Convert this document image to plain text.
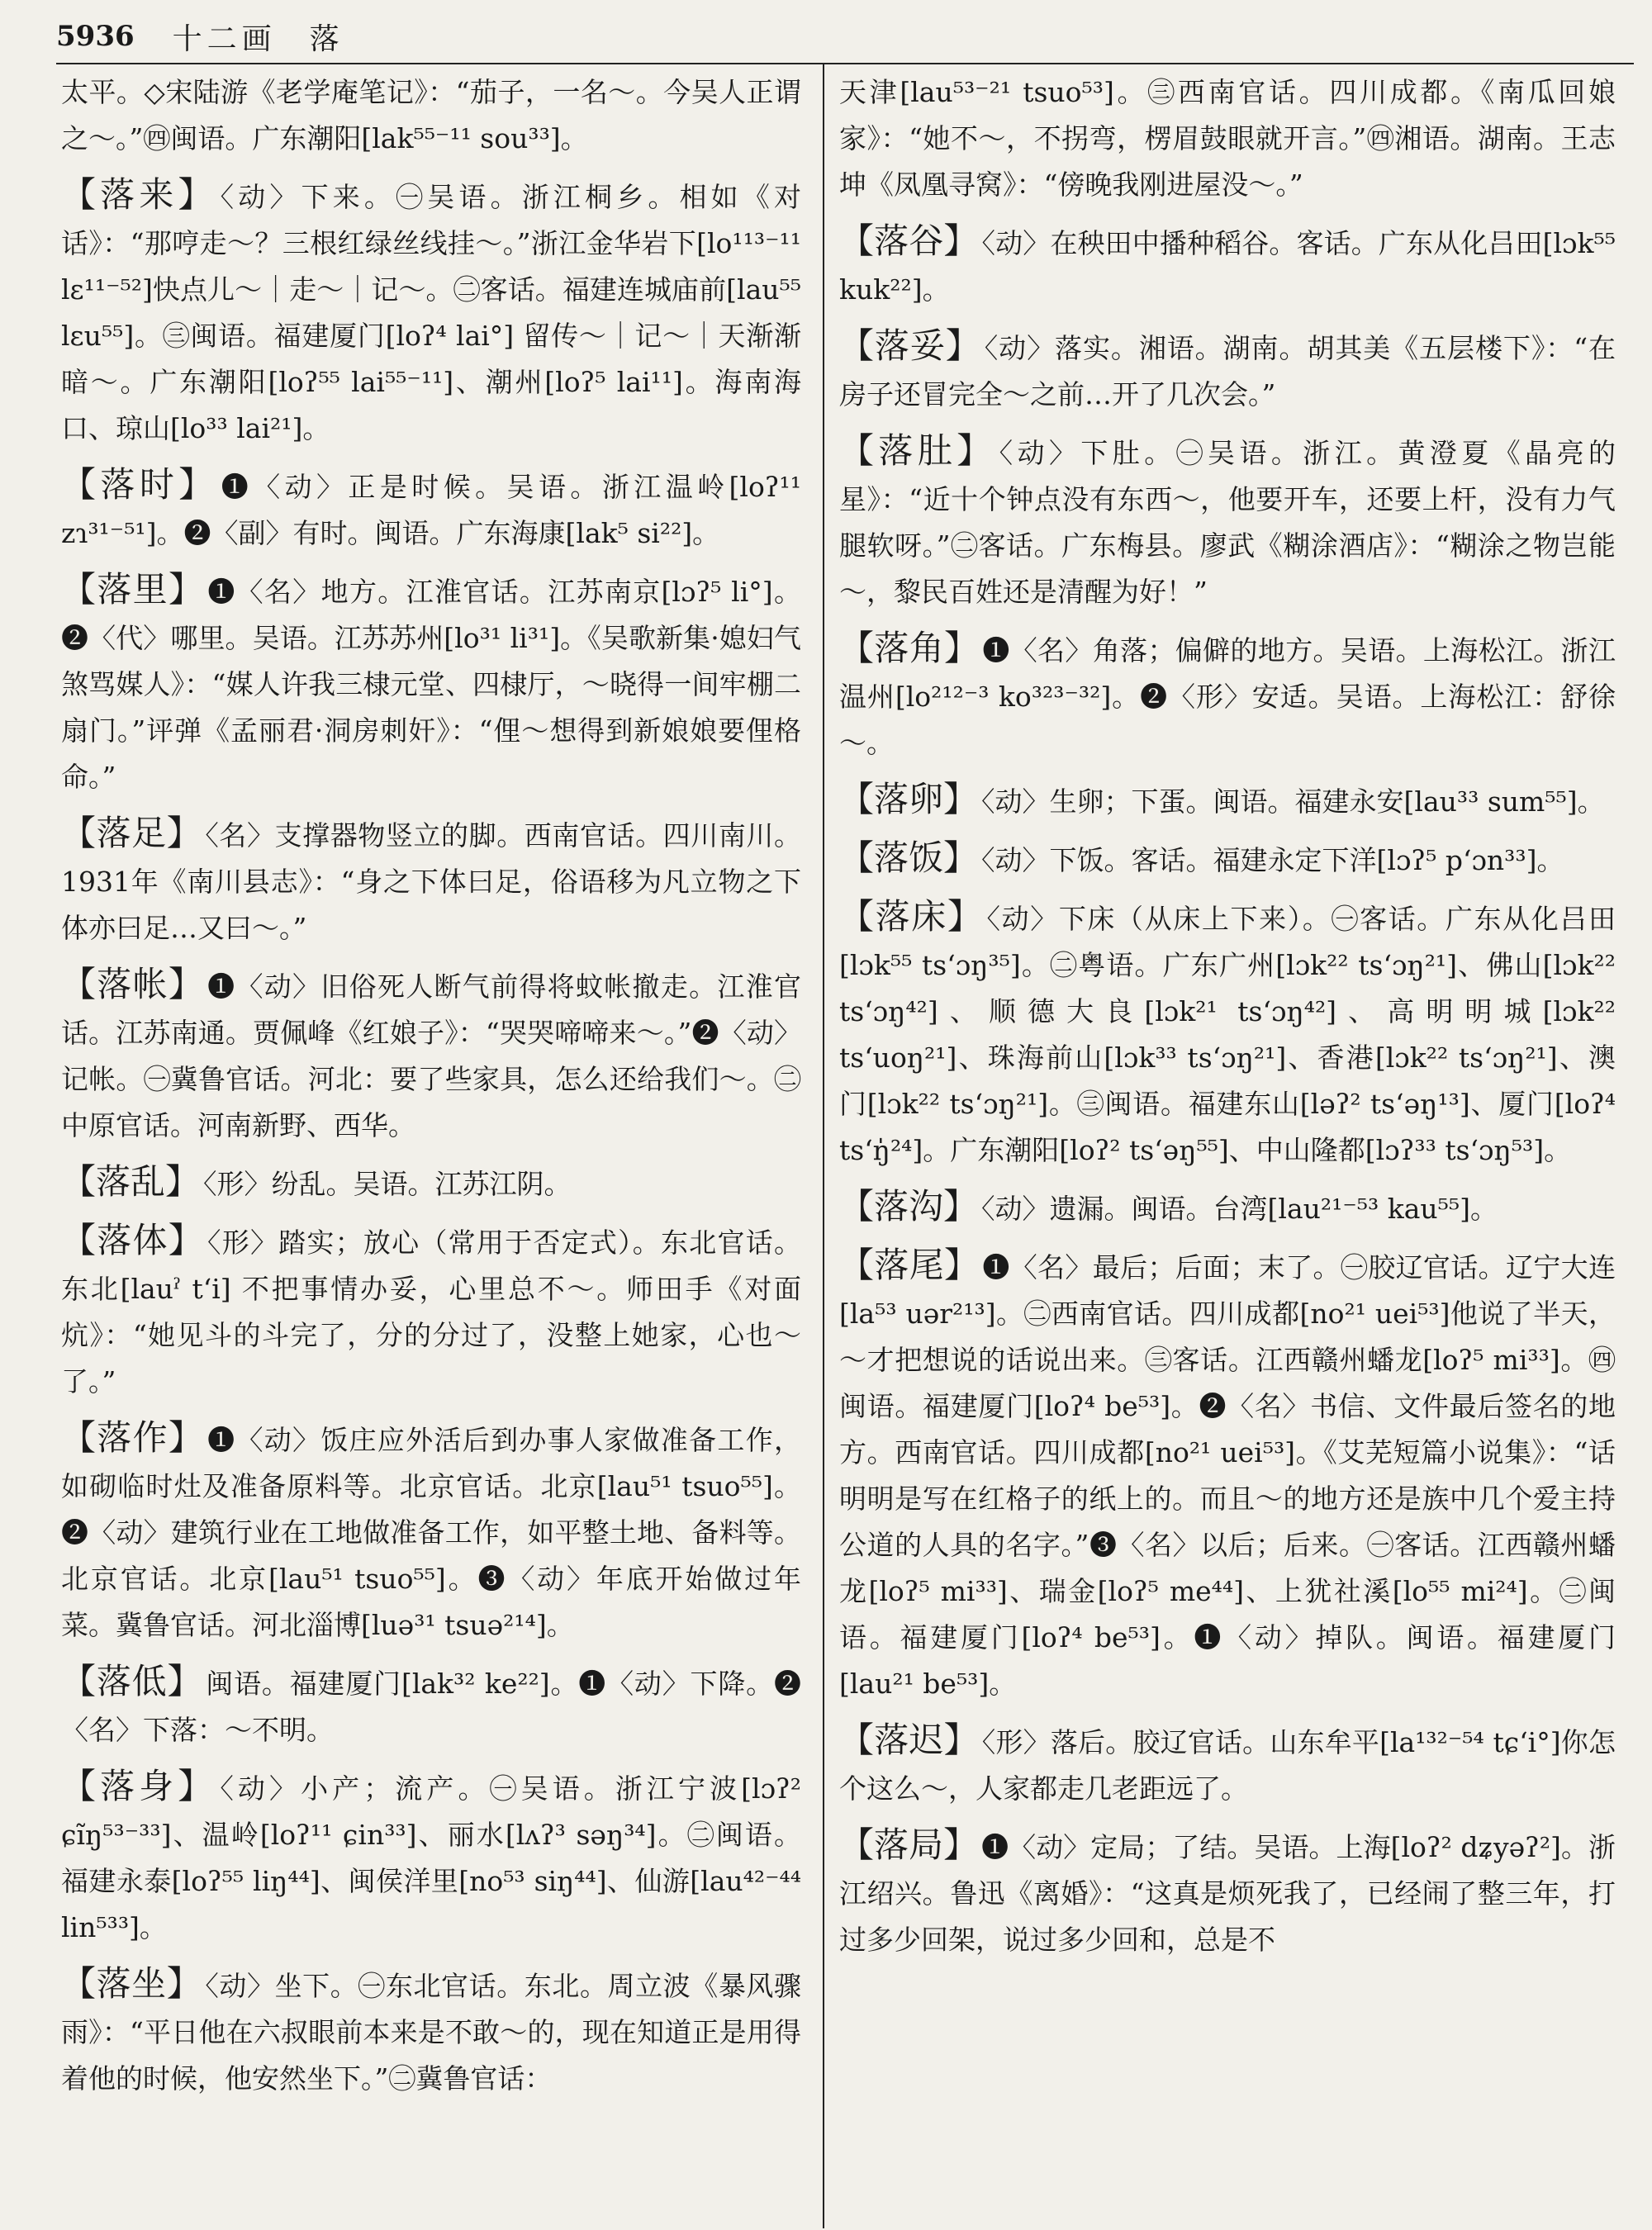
5936 十二画 落
太平。◇宋陆游《老学庵笔记》：“茄子，一名～。今吴人正谓之～。”㊃闽语。广东潮阳[lak⁵⁵⁻¹¹ sou³³]。
【落来】 〈动〉下来。㊀吴语。浙江桐乡。相如《对话》：“那哼走～？三根红绿丝线挂～。”浙江金华岩下[lo¹¹³⁻¹¹ lɛ¹¹⁻⁵²]快点儿～｜走～｜记～。㊁客话。福建连城庙前[lau⁵⁵ lɛu⁵⁵]。㊂闽语。福建厦门[loʔ⁴ lai°] 留传～｜记～｜天渐渐暗～。广东潮阳[loʔ⁵⁵ lai⁵⁵⁻¹¹]、潮州[loʔ⁵ lai¹¹]。海南海口、琼山[lo³³ lai²¹]。
【落时】 ❶〈动〉正是时候。吴语。浙江温岭[loʔ¹¹ zɿ³¹⁻⁵¹]。❷〈副〉有时。闽语。广东海康[lak⁵ si²²]。
【落里】 ❶〈名〉地方。江淮官话。江苏南京[lɔʔ⁵ li°]。❷〈代〉哪里。吴语。江苏苏州[lo³¹ li³¹]。《吴歌新集·媳妇气煞骂媒人》：“媒人许我三棣元堂、四棣厅，～晓得一间牢棚二扇门。”评弹《孟丽君·洞房刺奸》：“俚～想得到新娘娘要俚格命。”
【落足】 〈名〉支撑器物竖立的脚。西南官话。四川南川。1931年《南川县志》：“身之下体曰足，俗语移为凡立物之下体亦曰足…又曰～。”
【落帐】 ❶〈动〉旧俗死人断气前得将蚊帐撤走。江淮官话。江苏南通。贾佩峰《红娘子》：“哭哭啼啼来～。”❷〈动〉记帐。㊀冀鲁官话。河北：要了些家具，怎么还给我们～。㊁中原官话。河南新野、西华。
【落乱】 〈形〉纷乱。吴语。江苏江阴。
【落体】 〈形〉踏实；放心（常用于否定式）。东北官话。东北[lauˀ tʻi] 不把事情办妥，心里总不～。师田手《对面炕》：“她见斗的斗完了，分的分过了，没整上她家，心也～了。”
【落作】 ❶〈动〉饭庄应外活后到办事人家做准备工作，如砌临时灶及准备原料等。北京官话。北京[lau⁵¹ tsuo⁵⁵]。❷〈动〉建筑行业在工地做准备工作，如平整土地、备料等。北京官话。北京[lau⁵¹ tsuo⁵⁵]。❸〈动〉年底开始做过年菜。冀鲁官话。河北淄博[luə³¹ tsuə²¹⁴]。
【落低】 闽语。福建厦门[lak³² ke²²]。❶〈动〉下降。❷〈名〉下落：～不明。
【落身】 〈动〉小产；流产。㊀吴语。浙江宁波[lɔʔ² ɕĩŋ⁵³⁻³³]、温岭[loʔ¹¹ ɕin³³]、丽水[lʌʔ³ səŋ³⁴]。㊁闽语。福建永泰[loʔ⁵⁵ liŋ⁴⁴]、闽侯洋里[no⁵³ siŋ⁴⁴]、仙游[lau⁴²⁻⁴⁴ lin⁵³³]。
【落坐】 〈动〉坐下。㊀东北官话。东北。周立波《暴风骤雨》：“平日他在六叔眼前本来是不敢～的，现在知道正是用得着他的时候，他安然坐下。”㊁冀鲁官话：
天津[lau⁵³⁻²¹ tsuo⁵³]。㊂西南官话。四川成都。《南瓜回娘家》：“她不～，不拐弯，楞眉鼓眼就开言。”㊃湘语。湖南。王志坤《凤凰寻窝》：“傍晚我刚进屋没～。”
【落谷】 〈动〉在秧田中播种稻谷。客话。广东从化吕田[lɔk⁵⁵ kuk²²]。
【落妥】 〈动〉落实。湘语。湖南。胡其美《五层楼下》：“在房子还冒完全～之前…开了几次会。”
【落肚】 〈动〉下肚。㊀吴语。浙江。黄澄夏《晶亮的星》：“近十个钟点没有东西～，他要开车，还要上杆，没有力气腿软呀。”㊁客话。广东梅县。廖武《糊涂酒店》：“糊涂之物岂能～，黎民百姓还是清醒为好！”
【落角】 ❶〈名〉角落；偏僻的地方。吴语。上海松江。浙江温州[lo²¹²⁻³ ko³²³⁻³²]。❷〈形〉安适。吴语。上海松江：舒徐～。
【落卵】 〈动〉生卵；下蛋。闽语。福建永安[lau³³ sum⁵⁵]。
【落饭】 〈动〉下饭。客话。福建永定下洋[lɔʔ⁵ pʻɔn³³]。
【落床】 〈动〉下床（从床上下来）。㊀客话。广东从化吕田[lɔk⁵⁵ tsʻɔŋ³⁵]。㊁粤语。广东广州[lɔk²² tsʻɔŋ²¹]、佛山[lɔk²² tsʻɔŋ⁴²]、顺德大良[lɔk²¹ tsʻɔŋ⁴²]、高明明城[lɔk²² tsʻuoŋ²¹]、珠海前山[lɔk³³ tsʻɔŋ²¹]、香港[lɔk²² tsʻɔŋ²¹]、澳门[lɔk²² tsʻɔŋ²¹]。㊂闽语。福建东山[ləʔ² tsʻəŋ¹³]、厦门[loʔ⁴ tsʻŋ̍²⁴]。广东潮阳[loʔ² tsʻəŋ⁵⁵]、中山隆都[lɔʔ³³ tsʻɔŋ⁵³]。
【落沟】 〈动〉遗漏。闽语。台湾[lau²¹⁻⁵³ kau⁵⁵]。
【落尾】 ❶〈名〉最后；后面；末了。㊀胶辽官话。辽宁大连[la⁵³ uər²¹³]。㊁西南官话。四川成都[no²¹ uei⁵³]他说了半天，～才把想说的话说出来。㊂客话。江西赣州蟠龙[loʔ⁵ mi³³]。㊃闽语。福建厦门[loʔ⁴ be⁵³]。❷〈名〉书信、文件最后签名的地方。西南官话。四川成都[no²¹ uei⁵³]。《艾芜短篇小说集》：“话明明是写在红格子的纸上的。而且～的地方还是族中几个爱主持公道的人具的名字。”❸〈名〉以后；后来。㊀客话。江西赣州蟠龙[loʔ⁵ mi³³]、瑞金[loʔ⁵ me⁴⁴]、上犹社溪[lo⁵⁵ mi²⁴]。㊁闽语。福建厦门[loʔ⁴ be⁵³]。❶〈动〉掉队。闽语。福建厦门[lau²¹ be⁵³]。
【落迟】 〈形〉落后。胶辽官话。山东牟平[la¹³²⁻⁵⁴ tɕʻi°]你怎个这么～，人家都走几老距远了。
【落局】 ❶〈动〉定局；了结。吴语。上海[loʔ² dʑyəʔ²]。浙江绍兴。鲁迅《离婚》：“这真是烦死我了，已经闹了整三年，打过多少回架，说过多少回和，总是不
